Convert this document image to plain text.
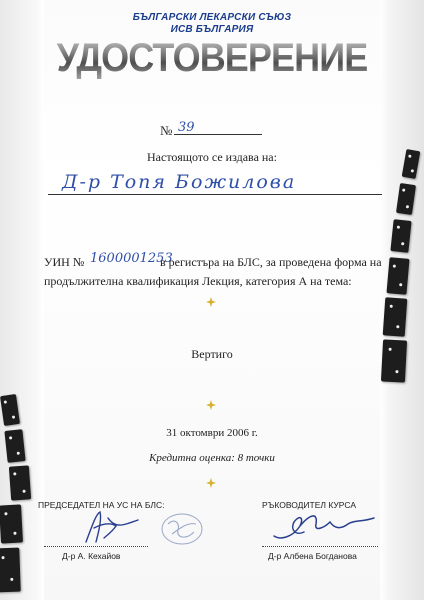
БЪЛГАРСКИ ЛЕКАРСКИ СЪЮЗ
ИСВ БЪЛГАРИЯ
УДОСТОВЕРЕНИЕ
№ 39
Настоящото се издава на:
Д-р Топя Божилова
УИН № 1600001253
в регистъра на БЛС, за проведена форма на
продължителна квалификация Лекция, категория А на тема:
Вертиго
31 октомври 2006 г.
Кредитна оценка: 8 точки
ПРЕДСЕДАТЕЛ НА УС НА БЛС:
Д-р А. Кехайов
РЪКОВОДИТЕЛ КУРСА
Д-р Албена Богданова
